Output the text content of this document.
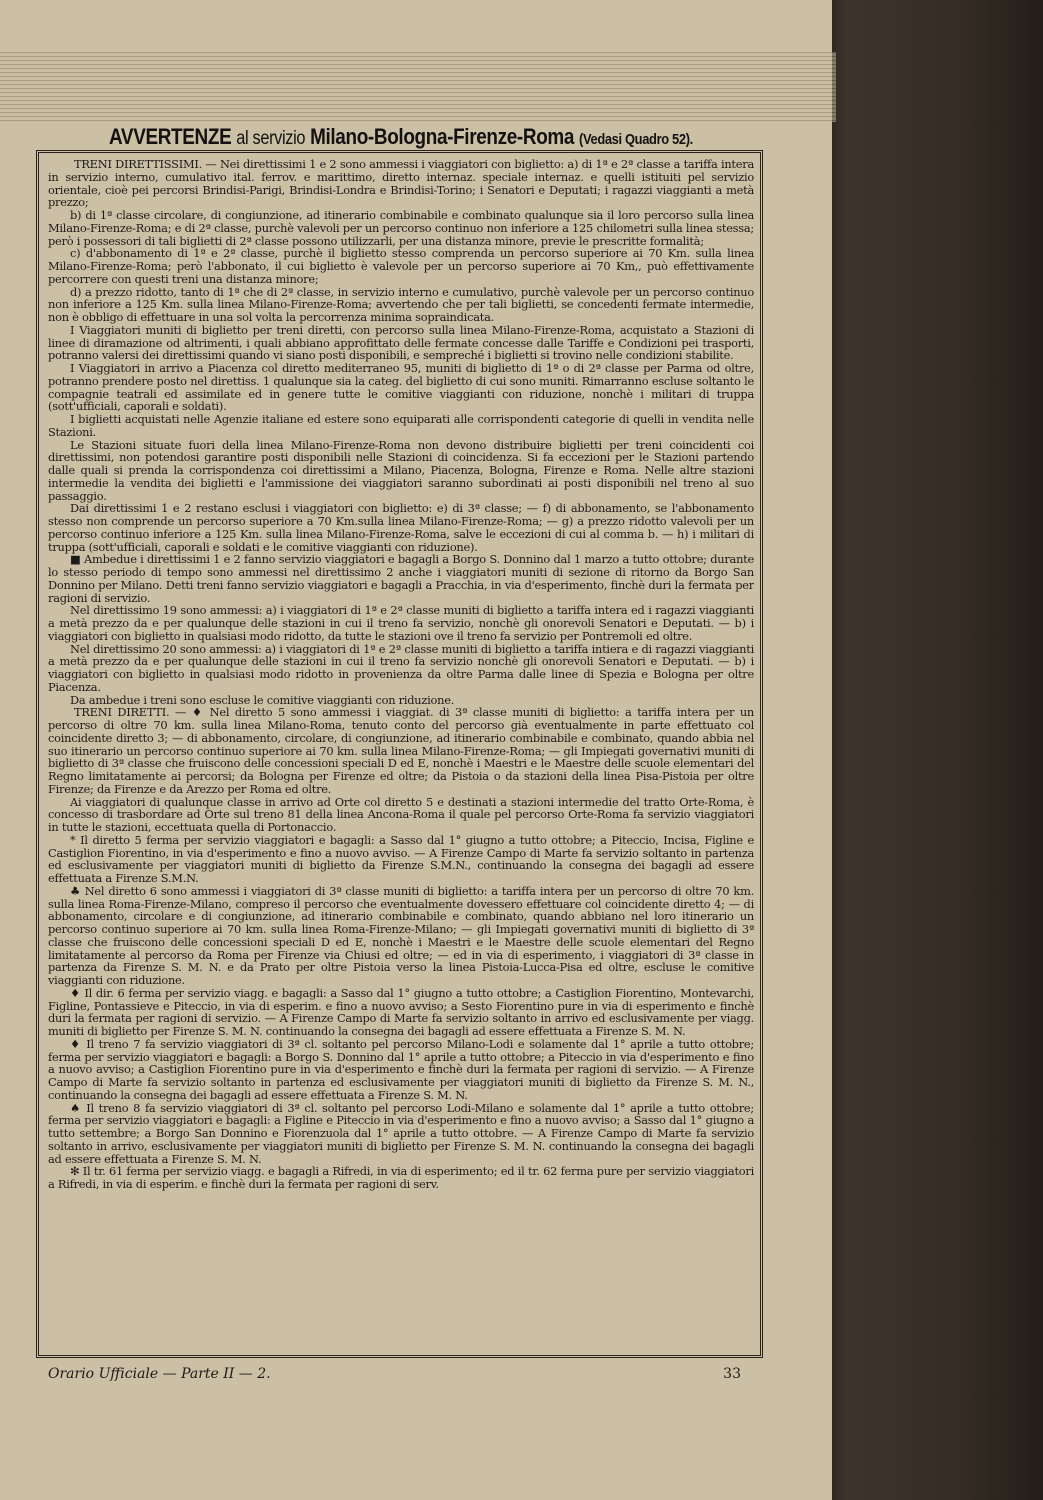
AVVERTENZE al servizio Milano-Bologna-Firenze-Roma (Vedasi Quadro 52).

TRENI DIRETTISSIMI. — Nei direttissimi 1 e 2 sono ammessi i viaggiatori con biglietto: a) di 1ª e 2ª classe a tariffa intera in servizio interno, cumulativo ital. ferrov. e marittimo, diretto internaz. speciale internaz. e quelli istituiti pel servizio orientale, cioè pei percorsi Brindisi-Parigi, Brindisi-Londra e Brindisi-Torino; i Senatori e Deputati; i ragazzi viaggianti a metà prezzo;

b) di 1ª classe circolare, di congiunzione, ad itinerario combinabile e combinato qualunque sia il loro percorso sulla linea Milano-Firenze-Roma; e di 2ª classe, purchè valevoli per un percorso continuo non inferiore a 125 chilometri sulla linea stessa; però i possessori di tali biglietti di 2ª classe possono utilizzarli, per una distanza minore, previe le prescritte formalità;

c) d'abbonamento di 1ª e 2ª classe, purchè il biglietto stesso comprenda un percorso superiore ai 70 Km. sulla linea Milano-Firenze-Roma; però l'abbonato, il cui biglietto è valevole per un percorso superiore ai 70 Km,, può effettivamente percorrere con questi treni una distanza minore;

d) a prezzo ridotto, tanto di 1ª che di 2ª classe, in servizio interno e cumulativo, purchè valevole per un percorso continuo non inferiore a 125 Km. sulla linea Milano-Firenze-Roma; avvertendo che per tali biglietti, se concedenti fermate intermedie, non è obbligo di effettuare in una sol volta la percorrenza minima sopraindicata.

I Viaggiatori muniti di biglietto per treni diretti, con percorso sulla linea Milano-Firenze-Roma, acquistato a Stazioni di linee di diramazione od altrimenti, i quali abbiano approfittato delle fermate concesse dalle Tariffe e Condizioni pei trasporti, potranno valersi dei direttissimi quando vi siano posti disponibili, e sempreché i biglietti si trovino nelle condizioni stabilite.

I Viaggiatori in arrivo a Piacenza col diretto mediterraneo 95, muniti di biglietto di 1ª o di 2ª classe per Parma od oltre, potranno prendere posto nel direttiss. 1 qualunque sia la categ. del biglietto di cui sono muniti. Rimarranno escluse soltanto le compagnie teatrali ed assimilate ed in genere tutte le comitive viaggianti con riduzione, nonchè i militari di truppa (sott'ufficiali, caporali e soldati).

I biglietti acquistati nelle Agenzie italiane ed estere sono equiparati alle corrispondenti categorie di quelli in vendita nelle Stazioni.

Le Stazioni situate fuori della linea Milano-Firenze-Roma non devono distribuire biglietti per treni coincidenti coi direttissimi, non potendosi garantire posti disponibili nelle Stazioni di coincidenza. Si fa eccezioni per le Stazioni partendo dalle quali si prenda la corrispondenza coi direttissimi a Milano, Piacenza, Bologna, Firenze e Roma. Nelle altre stazioni intermedie la vendita dei biglietti e l'ammissione dei viaggiatori saranno subordinati ai posti disponibili nel treno al suo passaggio.

Dai direttissimi 1 e 2 restano esclusi i viaggiatori con biglietto: e) di 3ª classe; — f) di abbonamento, se l'abbonamento stesso non comprende un percorso superiore a 70 Km.sulla linea Milano-Firenze-Roma; — g) a prezzo ridotto valevoli per un percorso continuo inferiore a 125 Km. sulla linea Milano-Firenze-Roma, salve le eccezioni di cui al comma b. — h) i militari di truppa (sott'ufficiali, caporali e soldati e le comitive viaggianti con riduzione).

■ Ambedue i direttissimi 1 e 2 fanno servizio viaggiatori e bagagli a Borgo S. Donnino dal 1 marzo a tutto ottobre; durante lo stesso periodo di tempo sono ammessi nel direttissimo 2 anche i viaggiatori muniti di sezione di ritorno da Borgo San Donnino per Milano. Detti treni fanno servizio viaggiatori e bagagli a Pracchia, in via d'esperimento, finchè duri la fermata per ragioni di servizio.

Nel direttissimo 19 sono ammessi: a) i viaggiatori di 1ª e 2ª classe muniti di biglietto a tariffa intera ed i ragazzi viaggianti a metà prezzo da e per qualunque delle stazioni in cui il treno fa servizio, nonchè gli onorevoli Senatori e Deputati. — b) i viaggiatori con biglietto in qualsiasi modo ridotto, da tutte le stazioni ove il treno fa servizio per Pontremoli ed oltre.

Nel direttissimo 20 sono ammessi: a) i viaggiatori di 1ª e 2ª classe muniti di biglietto a tariffa intiera e di ragazzi viaggianti a metà prezzo da e per qualunque delle stazioni in cui il treno fa servizio nonchè gli onorevoli Senatori e Deputati. — b) i viaggiatori con biglietto in qualsiasi modo ridotto in provenienza da oltre Parma dalle linee di Spezia e Bologna per oltre Piacenza.

Da ambedue i treni sono escluse le comitive viaggianti con riduzione.

TRENI DIRETTI. — ♦ Nel diretto 5 sono ammessi i viaggiat. di 3ª classe muniti di biglietto: a tariffa intera per un percorso di oltre 70 km. sulla linea Milano-Roma, tenuto conto del percorso già eventualmente in parte effettuato col coincidente diretto 3; — di abbonamento, circolare, di congiunzione, ad itinerario combinabile e combinato, quando abbia nel suo itinerario un percorso continuo superiore ai 70 km. sulla linea Milano-Firenze-Roma; — gli Impiegati governativi muniti di biglietto di 3ª classe che fruiscono delle concessioni speciali D ed E, nonchè i Maestri e le Maestre delle scuole elementari del Regno limitatamente ai percorsi; da Bologna per Firenze ed oltre; da Pistoia o da stazioni della linea Pisa-Pistoia per oltre Firenze; da Firenze e da Arezzo per Roma ed oltre.

Ai viaggiatori di qualunque classe in arrivo ad Orte col diretto 5 e destinati a stazioni intermedie del tratto Orte-Roma, è concesso di trasbordare ad Orte sul treno 81 della linea Ancona-Roma il quale pel percorso Orte-Roma fa servizio viaggiatori in tutte le stazioni, eccettuata quella di Portonaccio.

* Il diretto 5 ferma per servizio viaggiatori e bagagli: a Sasso dal 1° giugno a tutto ottobre; a Piteccio, Incisa, Figline e Castiglion Fiorentino, in via d'esperimento e fino a nuovo avviso. — A Firenze Campo di Marte fa servizio soltanto in partenza ed esclusivamente per viaggiatori muniti di biglietto da Firenze S.M.N., continuando la consegna dei bagagli ad essere effettuata a Firenze S.M.N.

♣ Nel diretto 6 sono ammessi i viaggiatori di 3ª classe muniti di biglietto: a tariffa intera per un percorso di oltre 70 km. sulla linea Roma-Firenze-Milano, compreso il percorso che eventualmente dovessero effettuare col coincidente diretto 4; — di abbonamento, circolare e di congiunzione, ad itinerario combinabile e combinato, quando abbiano nel loro itinerario un percorso continuo superiore ai 70 km. sulla linea Roma-Firenze-Milano; — gli Impiegati governativi muniti di biglietto di 3ª classe che fruiscono delle concessioni speciali D ed E, nonchè i Maestri e le Maestre delle scuole elementari del Regno limitatamente al percorso da Roma per Firenze via Chiusi ed oltre; — ed in via di esperimento, i viaggiatori di 3ª classe in partenza da Firenze S. M. N. e da Prato per oltre Pistoia verso la linea Pistoia-Lucca-Pisa ed oltre, escluse le comitive viaggianti con riduzione.

♦ Il dir. 6 ferma per servizio viagg. e bagagli: a Sasso dal 1° giugno a tutto ottobre; a Castiglion Fiorentino, Montevarchi, Figline, Pontassieve e Piteccio, in via di esperim. e fino a nuovo avviso; a Sesto Fiorentino pure in via di esperimento e finchè duri la fermata per ragioni di servizio. — A Firenze Campo di Marte fa servizio soltanto in arrivo ed esclusivamente per viagg. muniti di biglietto per Firenze S. M. N. continuando la consegna dei bagagli ad essere effettuata a Firenze S. M. N.

♦ Il treno 7 fa servizio viaggiatori di 3ª cl. soltanto pel percorso Milano-Lodi e solamente dal 1° aprile a tutto ottobre; ferma per servizio viaggiatori e bagagli: a Borgo S. Donnino dal 1° aprile a tutto ottobre; a Piteccio in via d'esperimento e fino a nuovo avviso; a Castiglion Fiorentino pure in via d'esperimento e finchè duri la fermata per ragioni di servizio. — A Firenze Campo di Marte fa servizio soltanto in partenza ed esclusivamente per viaggiatori muniti di biglietto da Firenze S. M. N., continuando la consegna dei bagagli ad essere effettuata a Firenze S. M. N.

♠ Il treno 8 fa servizio viaggiatori di 3ª cl. soltanto pel percorso Lodi-Milano e solamente dal 1° aprile a tutto ottobre; ferma per servizio viaggiatori e bagagli: a Figline e Piteccio in via d'esperimento e fino a nuovo avviso; a Sasso dal 1° giugno a tutto settembre; a Borgo San Donnino e Fiorenzuola dal 1° aprile a tutto ottobre. — A Firenze Campo di Marte fa servizio soltanto in arrivo, esclusivamente per viaggiatori muniti di biglietto per Firenze S. M. N. continuando la consegna dei bagagli ad essere effettuata a Firenze S. M. N.

✻ Il tr. 61 ferma per servizio viagg. e bagagli a Rifredi, in via di esperimento; ed il tr. 62 ferma pure per servizio viaggiatori a Rifredi, in via di esperim. e finchè duri la fermata per ragioni di serv.

Orario Ufficiale — Parte II — 2.	33
